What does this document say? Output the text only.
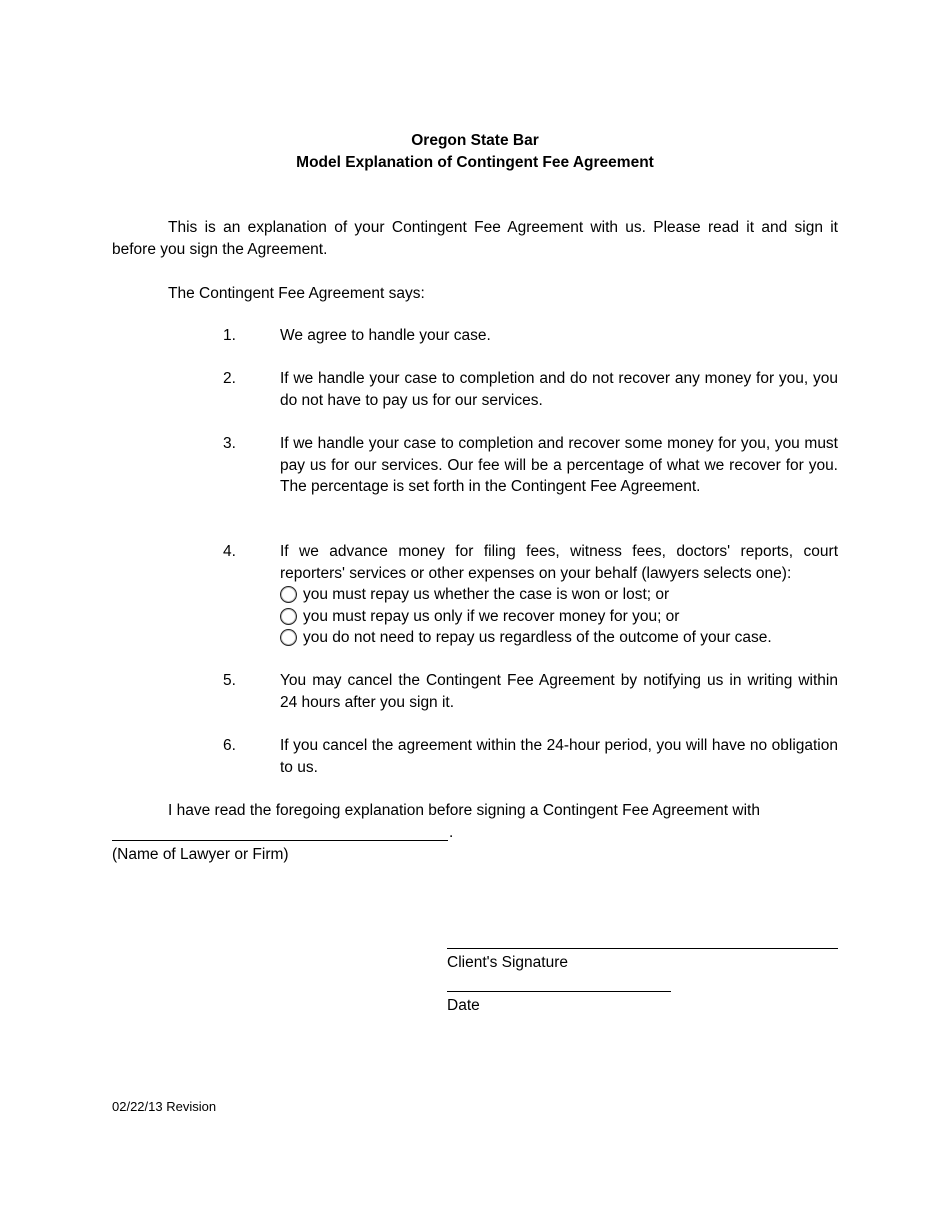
Oregon State Bar
Model Explanation of Contingent Fee Agreement
This is an explanation of your Contingent Fee Agreement with us. Please read it and sign it before you sign the Agreement.
The Contingent Fee Agreement says:
1.	We agree to handle your case.
2.	If we handle your case to completion and do not recover any money for you, you do not have to pay us for our services.
3.	If we handle your case to completion and recover some money for you, you must pay us for our services. Our fee will be a percentage of what we recover for you. The percentage is set forth in the Contingent Fee Agreement.
4.	If we advance money for filing fees, witness fees, doctors' reports, court reporters' services or other expenses on your behalf (lawyers selects one):
you must repay us whether the case is won or lost; or
you must repay us only if we recover money for you; or
you do not need to repay us regardless of the outcome of your case.
5.	You may cancel the Contingent Fee Agreement by notifying us in writing within 24 hours after you sign it.
6.	If you cancel the agreement within the 24-hour period, you will have no obligation to us.
I have read the foregoing explanation before signing a Contingent Fee Agreement with
.
(Name of Lawyer or Firm)
Client's Signature
Date
02/22/13 Revision
